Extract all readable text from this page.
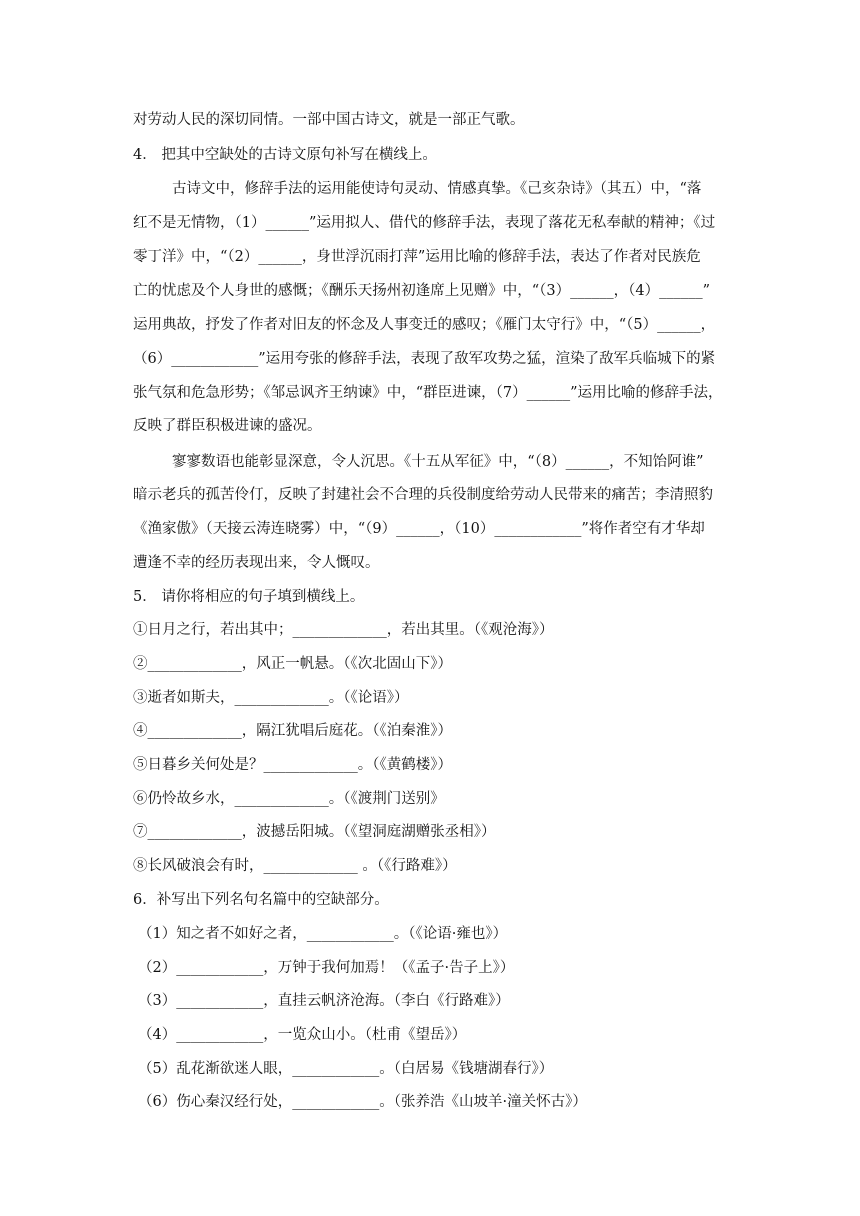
对劳动人民的深切同情。一部中国古诗文，就是一部正气歌。
4． 把其中空缺处的古诗文原句补写在横线上。
古诗文中，修辞手法的运用能使诗句灵动、情感真挚。《己亥杂诗》（其五）中，“落
红不是无情物，（1）______”运用拟人、借代的修辞手法，表现了落花无私奉献的精神；《过
零丁洋》中，“（2）______，身世浮沉雨打萍”运用比喻的修辞手法，表达了作者对民族危
亡的忧虑及个人身世的感慨；《酬乐天扬州初逢席上见赠》中，“（3）______，（4）______”
运用典故，抒发了作者对旧友的怀念及人事变迁的感叹；《雁门太守行》中，“（5）______，
（6）____________”运用夸张的修辞手法，表现了敌军攻势之猛，渲染了敌军兵临城下的紧
张气氛和危急形势；《邹忌讽齐王纳谏》中，“群臣进谏，（7）______”运用比喻的修辞手法，
反映了群臣积极进谏的盛况。
寥寥数语也能彰显深意，令人沉思。《十五从军征》中，“（8）______，不知饴阿谁”
暗示老兵的孤苦伶仃，反映了封建社会不合理的兵役制度给劳动人民带来的痛苦；李清照豹
《渔家傲》（天接云涛连晓雾）中，“（9）______，（10）____________”将作者空有才华却
遭逢不幸的经历表现出来，令人慨叹。
5． 请你将相应的句子填到横线上。
①日月之行，若出其中；_____________，若出其里。（《观沧海》）
②_____________，风正一帆悬。（《次北固山下》）
③逝者如斯夫，_____________。（《论语》）
④_____________，隔江犹唱后庭花。（《泊秦淮》）
⑤日暮乡关何处是？_____________。（《黄鹤楼》）
⑥仍怜故乡水，_____________。（《渡荆门送别》
⑦_____________，波撼岳阳城。（《望洞庭湖赠张丞相》）
⑧长风破浪会有时，_____________ 。（《行路难》）
6．补写出下列名句名篇中的空缺部分。
（1）知之者不如好之者，____________。（《论语·雍也》）
（2）____________，万钟于我何加焉！（《孟子·告子上》）
（3）____________，直挂云帆济沧海。（李白《行路难》）
（4）____________，一览众山小。（杜甫《望岳》）
（5）乱花渐欲迷人眼，____________。（白居易《钱塘湖春行》）
（6）伤心秦汉经行处，____________。（张养浩《山坡羊·潼关怀古》）
